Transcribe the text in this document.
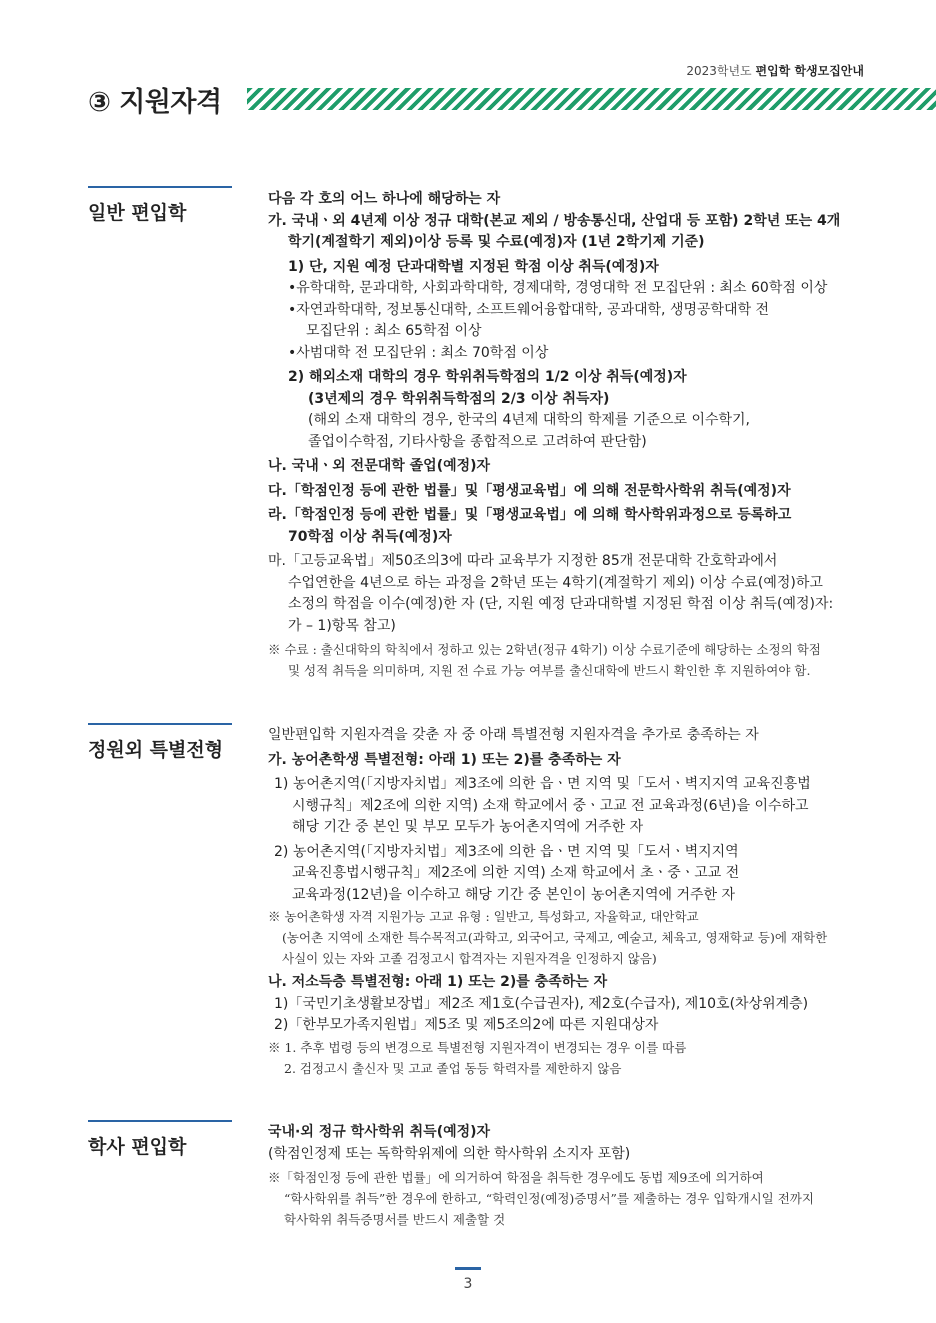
2023학년도 편입학 학생모집안내
③ 지원자격
일반 편입학

다음 각 호의 어느 하나에 해당하는 자

가. 국내ㆍ외 4년제 이상 정규 대학(본교 제외 / 방송통신대, 산업대 등 포함) 2학년 또는 4개

학기(계절학기 제외)이상 등록 및 수료(예정)자 (1년 2학기제 기준)

1) 단, 지원 예정 단과대학별 지정된 학점 이상 취득(예정)자

•유학대학, 문과대학, 사회과학대학, 경제대학, 경영대학 전 모집단위 : 최소 60학점 이상

•자연과학대학, 정보통신대학, 소프트웨어융합대학, 공과대학, 생명공학대학 전

모집단위 : 최소 65학점 이상

•사범대학 전 모집단위 : 최소 70학점 이상

2) 해외소재 대학의 경우 학위취득학점의 1/2 이상 취득(예정)자

(3년제의 경우 학위취득학점의 2/3 이상 취득자)

(해외 소재 대학의 경우, 한국의 4년제 대학의 학제를 기준으로 이수학기,

졸업이수학점, 기타사항을 종합적으로 고려하여 판단함)

나. 국내ㆍ외 전문대학 졸업(예정)자

다.「학점인정 등에 관한 법률」및「평생교육법」에 의해 전문학사학위 취득(예정)자

라.「학점인정 등에 관한 법률」및「평생교육법」에 의해 학사학위과정으로 등록하고

70학점 이상 취득(예정)자

마.「고등교육법」제50조의3에 따라 교육부가 지정한 85개 전문대학 간호학과에서

수업연한을 4년으로 하는 과정을 2학년 또는 4학기(계절학기 제외) 이상 수료(예정)하고

소정의 학점을 이수(예정)한 자 (단, 지원 예정 단과대학별 지정된 학점 이상 취득(예정)자:

가 – 1)항목 참고)

※ 수료 : 출신대학의 학칙에서 정하고 있는 2학년(정규 4학기) 이상 수료기준에 해당하는 소정의 학점

및 성적 취득을 의미하며, 지원 전 수료 가능 여부를 출신대학에 반드시 확인한 후 지원하여야 함.

정원외 특별전형

일반편입학 지원자격을 갖춘 자 중 아래 특별전형 지원자격을 추가로 충족하는 자

가. 농어촌학생 특별전형: 아래 1) 또는 2)를 충족하는 자

1) 농어촌지역(「지방자치법」제3조에 의한 읍ㆍ면 지역 및「도서ㆍ벽지지역 교육진흥법

시행규칙」제2조에 의한 지역) 소재 학교에서 중ㆍ고교 전 교육과정(6년)을 이수하고

해당 기간 중 본인 및 부모 모두가 농어촌지역에 거주한 자

2) 농어촌지역(「지방자치법」제3조에 의한 읍ㆍ면 지역 및「도서ㆍ벽지지역

교육진흥법시행규칙」제2조에 의한 지역) 소재 학교에서 초ㆍ중ㆍ고교 전

교육과정(12년)을 이수하고 해당 기간 중 본인이 농어촌지역에 거주한 자

※ 농어촌학생 자격 지원가능 고교 유형 : 일반고, 특성화고, 자율학교, 대안학교

(농어촌 지역에 소재한 특수목적고(과학고, 외국어고, 국제고, 예술고, 체육고, 영재학교 등)에 재학한

사실이 있는 자와 고졸 검정고시 합격자는 지원자격을 인정하지 않음)

나. 저소득층 특별전형: 아래 1) 또는 2)를 충족하는 자

1)「국민기초생활보장법」제2조 제1호(수급권자), 제2호(수급자), 제10호(차상위계층)

2)「한부모가족지원법」제5조 및 제5조의2에 따른 지원대상자

※ 1. 추후 법령 등의 변경으로 특별전형 지원자격이 변경되는 경우 이를 따름

2. 검정고시 출신자 및 고교 졸업 동등 학력자를 제한하지 않음

학사 편입학

국내·외 정규 학사학위 취득(예정)자

(학점인정제 또는 독학학위제에 의한 학사학위 소지자 포함)

※「학점인정 등에 관한 법률」에 의거하여 학점을 취득한 경우에도 동법 제9조에 의거하여

“학사학위를 취득”한 경우에 한하고, “학력인정(예정)증명서”를 제출하는 경우 입학개시일 전까지

학사학위 취득증명서를 반드시 제출할 것

3
